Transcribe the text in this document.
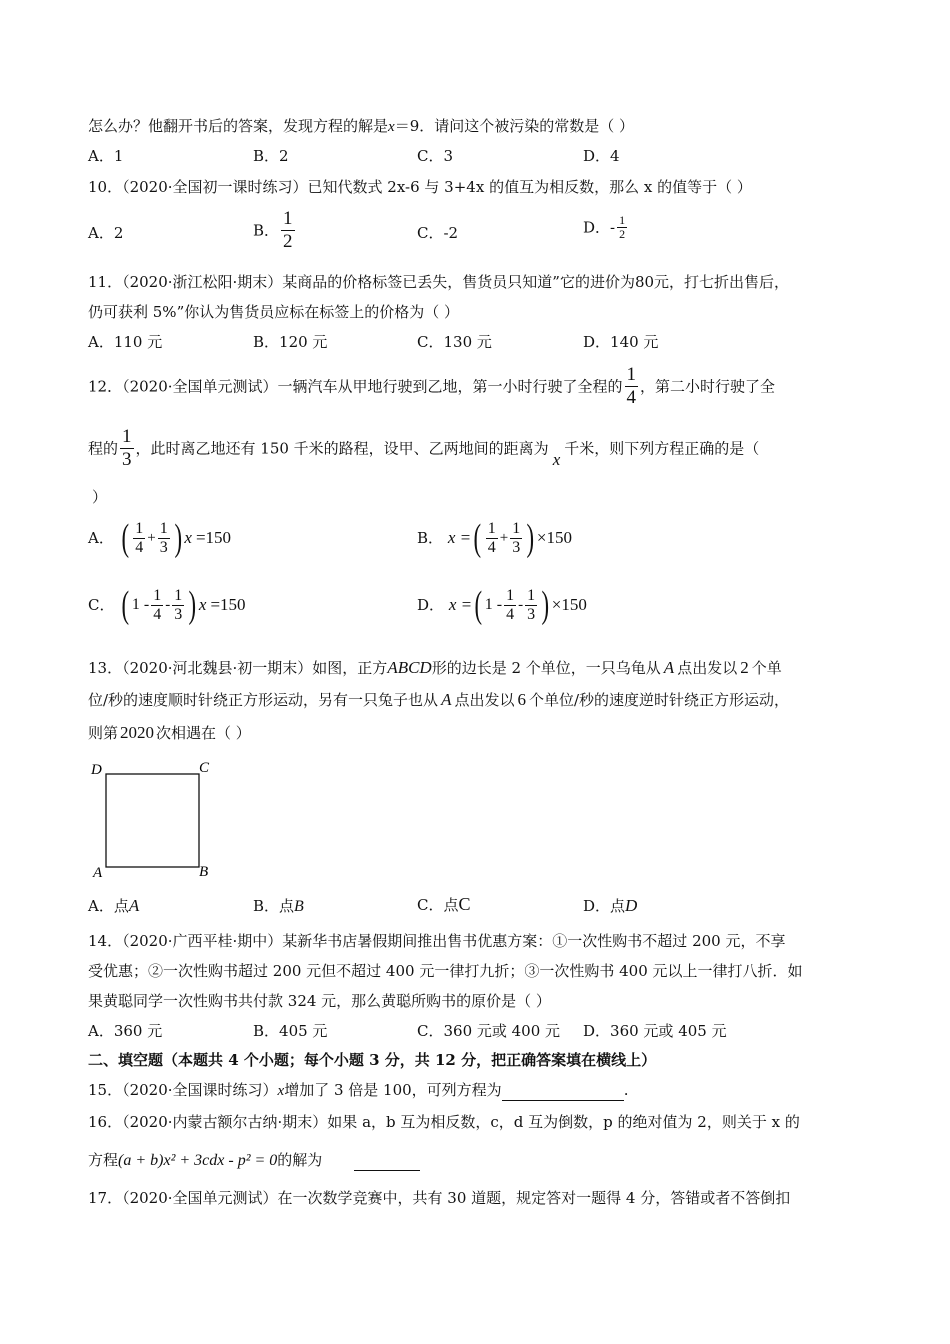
怎么办？他翻开书后的答案，发现方程的解是x＝9．请问这个被污染的常数是（ ）
A．1	B．2	C．3	D．4
10．（2020·全国初一课时练习）已知代数式 2x-6 与 3+4x 的值互为相反数，那么 x 的值等于（ ）
A．2	B． $\frac{1}{2}$	C．-2	D．- $\frac{1}{2}$
11．（2020·浙江松阳·期末）某商品的价格标签已丢失，售货员只知道”它的进价为80元，打七折出售后，
仍可获利 5%”你认为售货员应标在标签上的价格为（ ）
A．110 元	B．120 元	C．130 元	D．140 元
12．（2020·全国单元测试）一辆汽车从甲地行驶到乙地，第一小时行驶了全程的 $\frac{1}{4}$ ，第二小时行驶了全
程的 $\frac{1}{3}$ ，此时离乙地还有 150 千米的路程，设甲、乙两地间的距离为x千米，则下列方程正确的是（
）
A． ( $\frac{1}{4} + \frac{1}{3}$ ) x =150	B． x =( $\frac{1}{4} + \frac{1}{3}$ ) ×150
C． ( $1 - \frac{1}{4} - \frac{1}{3}$ ) x =150	D． x =( $1 - \frac{1}{4} - \frac{1}{3}$ ) ×150
13．（2020·河北魏县·初一期末）如图，正方ABCD形的边长是 2 个单位，一只乌龟从 A 点出发以 2 个单
位/秒的速度顺时针绕正方形运动，另有一只兔子也从 A 点出发以 6 个单位/秒的速度逆时针绕正方形运动，
则第 2020 次相遇在（ ）
D	C
A	B
A．点A	B．点B	C．点C	D．点D
14．（2020·广西平桂·期中）某新华书店暑假期间推出售书优惠方案：①一次性购书不超过 200 元，不享
受优惠；②一次性购书超过 200 元但不超过 400 元一律打九折；③一次性购书 400 元以上一律打八折．如
果黄聪同学一次性购书共付款 324 元，那么黄聪所购书的原价是（ ）
A．360 元	B．405 元	C．360 元或 400 元 D．360 元或 405 元
二、填空题（本题共 4 个小题；每个小题 3 分，共 12 分，把正确答案填在横线上）
15．（2020·全国课时练习）x增加了 3 倍是 100，可列方程为	.
16．（2020·内蒙古额尔古纳·期末）如果 a，b 互为相反数，c，d 互为倒数，p 的绝对值为 2，则关于 x 的
方程(a + b)x² + 3cdx - p² = 0的解为
17．（2020·全国单元测试）在一次数学竞赛中，共有 30 道题，规定答对一题得 4 分，答错或者不答倒扣
